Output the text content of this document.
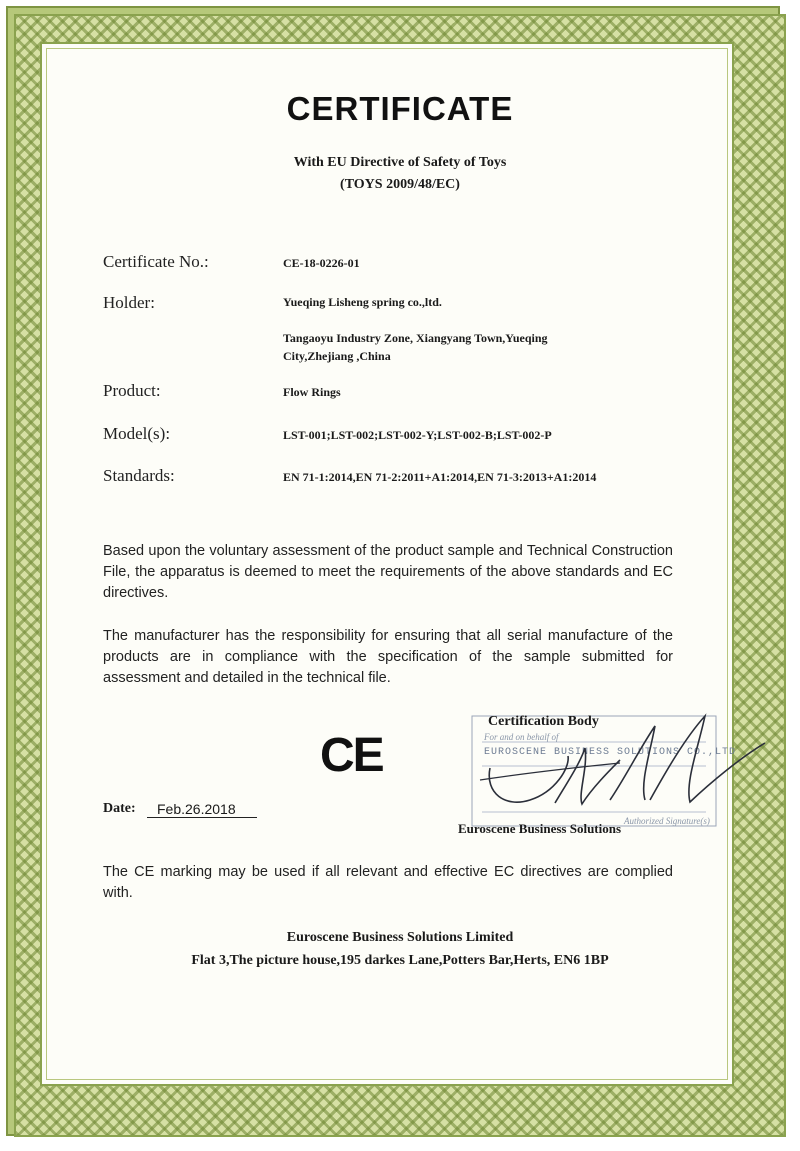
CERTIFICATE
With EU Directive of Safety of Toys
(TOYS 2009/48/EC)
Certificate No.:	CE-18-0226-01
Holder:	Yueqing Lisheng spring co.,ltd.
Tangaoyu Industry Zone, Xiangyang Town,Yueqing
City,Zhejiang ,China
Product:	Flow Rings
Model(s):	LST-001;LST-002;LST-002-Y;LST-002-B;LST-002-P
Standards:	EN 71-1:2014,EN 71-2:2011+A1:2014,EN 71-3:2013+A1:2014
Based upon the voluntary assessment of the product sample and Technical Construction File, the apparatus is deemed to meet the requirements of the above standards and EC directives.
The manufacturer has the responsibility for ensuring that all serial manufacture of the products are in compliance with the specification of the sample submitted for assessment and detailed in the technical file.
CE
Date:	Feb.26.2018
Certification Body
For and on behalf of
EUROSCENE BUSINESS SOLUTIONS CO.,LTD
Authorized Signature(s)
Euroscene Business Solutions
The CE marking may be used if all relevant and effective EC directives are complied with.
Euroscene Business Solutions Limited
Flat 3,The picture house,195 darkes Lane,Potters Bar,Herts, EN6 1BP
